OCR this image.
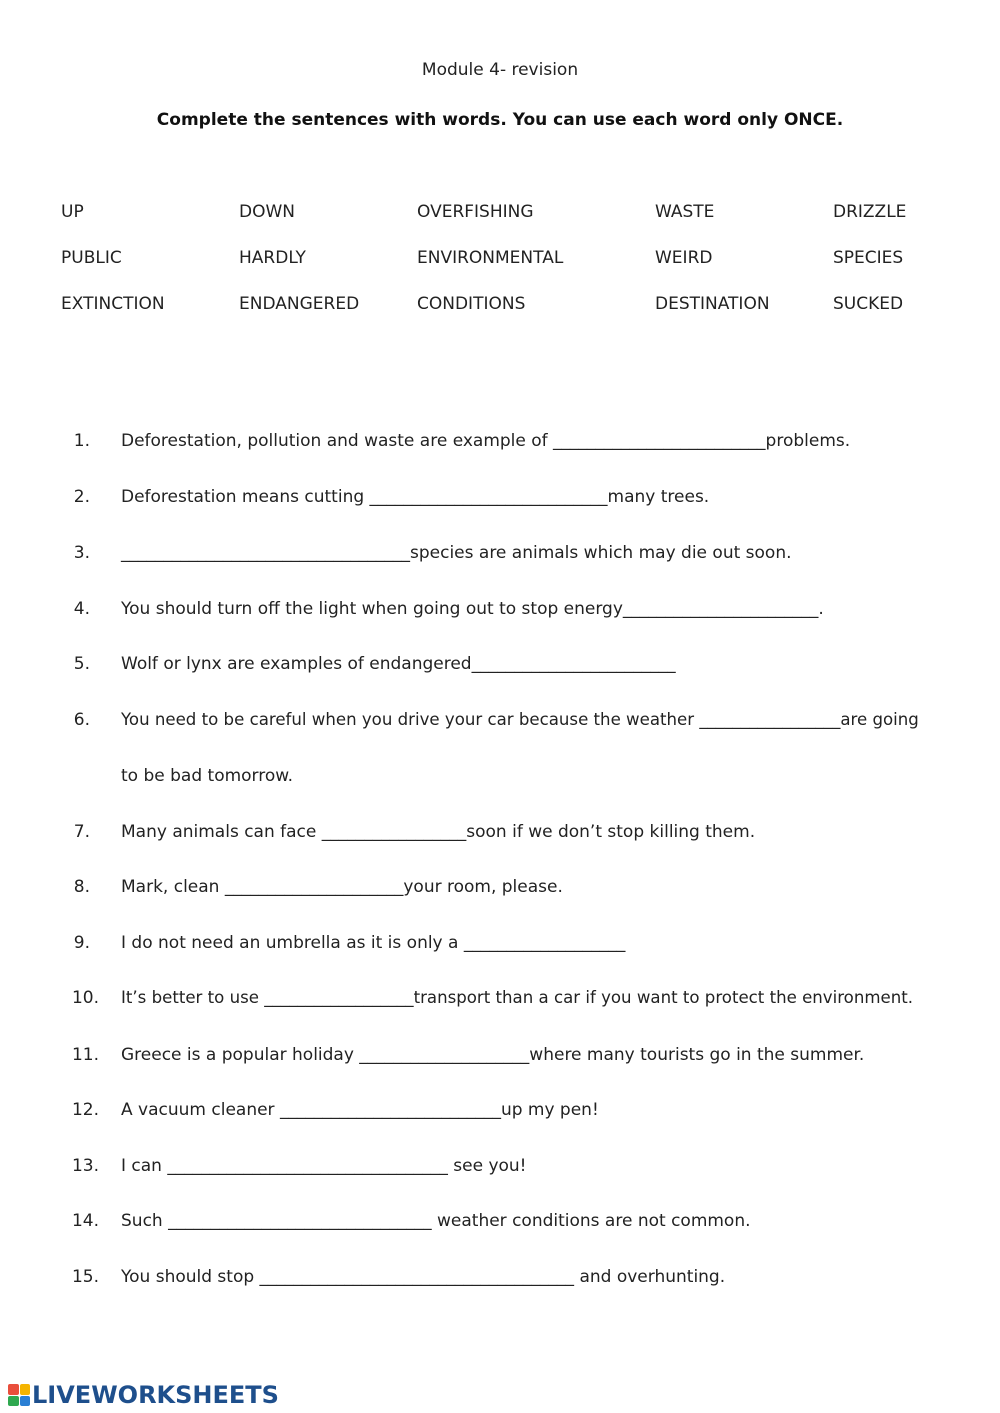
Module 4- revision
Complete the sentences with words. You can use each word only ONCE.
UP	DOWN	OVERFISHING	WASTE	DRIZZLE
PUBLIC	HARDLY	ENVIRONMENTAL	WEIRD	SPECIES
EXTINCTION	ENDANGERED	CONDITIONS	DESTINATION	SUCKED
1. Deforestation, pollution and waste are example of _________________________problems.
2. Deforestation means cutting ____________________________many trees.
3. __________________________________species are animals which may die out soon.
4. You should turn off the light when going out to stop energy_______________________.
5. Wolf or lynx are examples of endangered________________________
6. You need to be careful when you drive your car because the weather _________________are going
to be bad tomorrow.
7. Many animals can face _________________soon if we don’t stop killing them.
8. Mark, clean _____________________your room, please.
9. I do not need an umbrella as it is only a ___________________
10. It’s better to use __________________transport than a car if you want to protect the environment.
11. Greece is a popular holiday ____________________where many tourists go in the summer.
12. A vacuum cleaner __________________________up my pen!
13. I can _________________________________ see you!
14. Such _______________________________ weather conditions are not common.
15. You should stop _____________________________________ and overhunting.
LIVEWORKSHEETS
